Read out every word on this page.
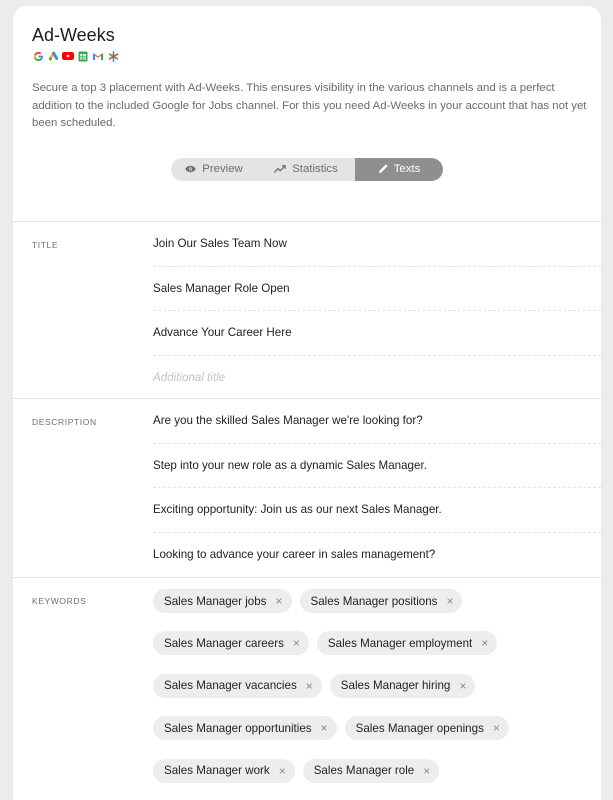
Ad-Weeks

Secure a top 3 placement with Ad-Weeks. This ensures visibility in the various channels and is a perfect addition to the included Google for Jobs channel. For this you need Ad-Weeks in your account that has not yet been scheduled.

Preview	Statistics	Texts
TITLE	Join Our Sales Team Now
Sales Manager Role Open
Advance Your Career Here
Additional title
DESCRIPTION	Are you the skilled Sales Manager we're looking for?
Step into your new role as a dynamic Sales Manager.
Exciting opportunity: Join us as our next Sales Manager.
Looking to advance your career in sales management?
KEYWORDS	Sales Manager jobs × Sales Manager positions ×
Sales Manager careers × Sales Manager employment ×
Sales Manager vacancies × Sales Manager hiring ×
Sales Manager opportunities × Sales Manager openings ×
Sales Manager work × Sales Manager role ×
